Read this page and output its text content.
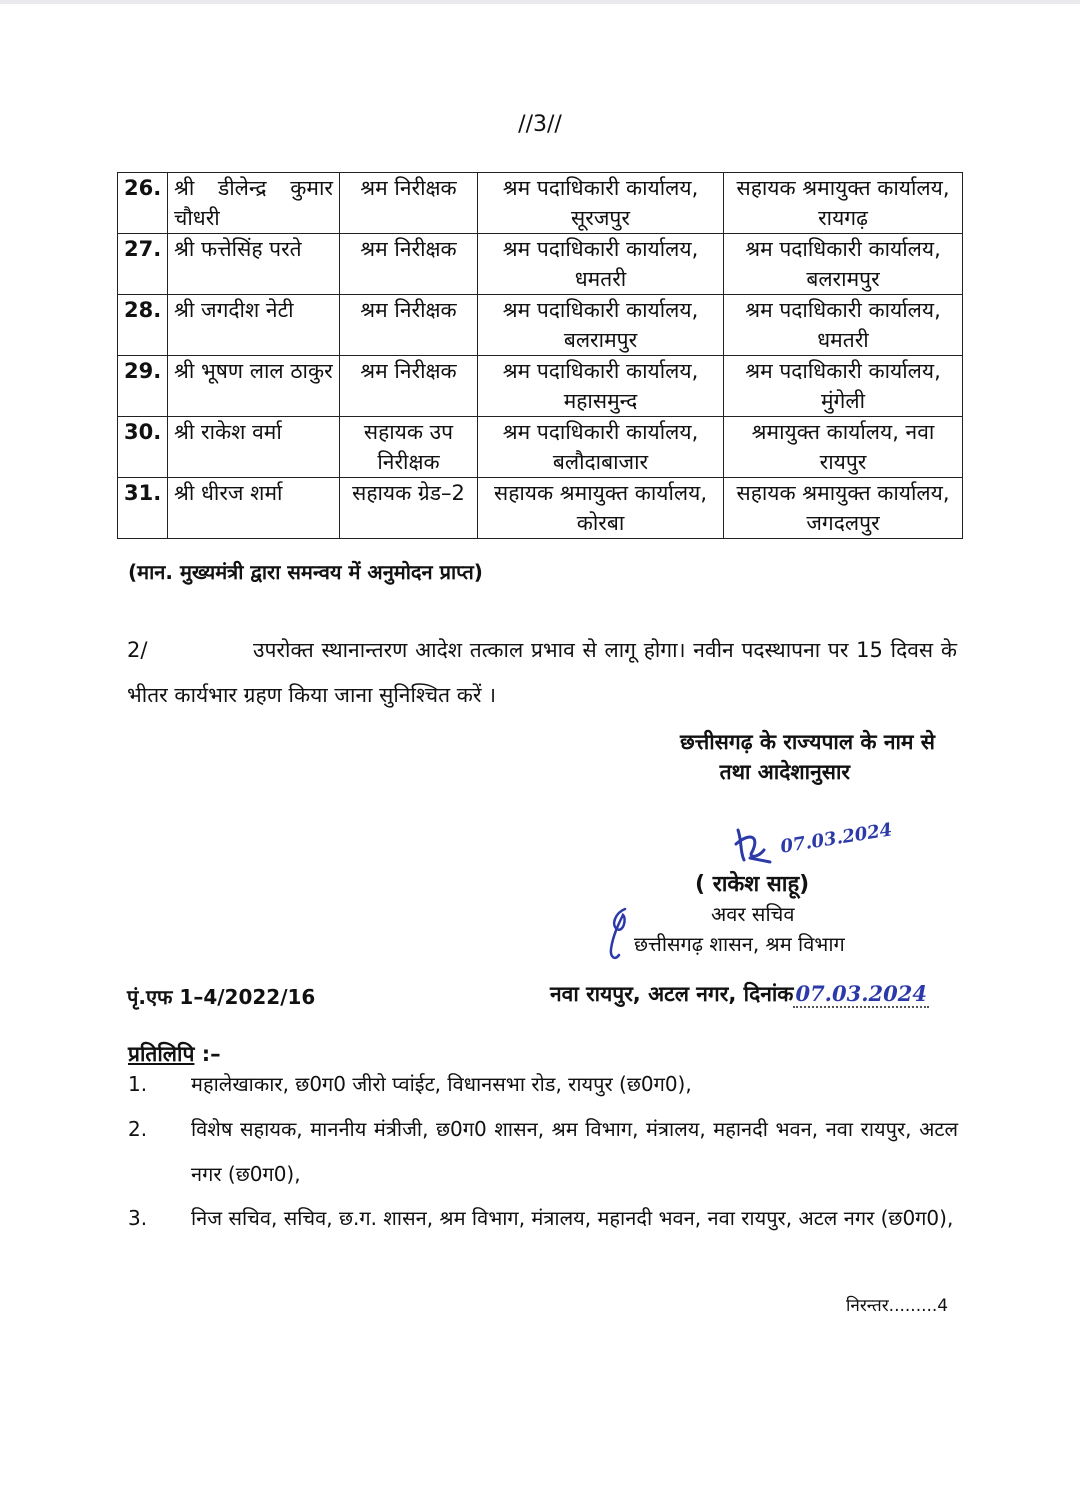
//3//
26.	श्री डीलेन्द्र कुमार चौधरी	श्रम निरीक्षक	श्रम पदाधिकारी कार्यालय, सूरजपुर	सहायक श्रमायुक्त कार्यालय, रायगढ़
27.	श्री फत्तेसिंह परते	श्रम निरीक्षक	श्रम पदाधिकारी कार्यालय, धमतरी	श्रम पदाधिकारी कार्यालय, बलरामपुर
28.	श्री जगदीश नेटी	श्रम निरीक्षक	श्रम पदाधिकारी कार्यालय, बलरामपुर	श्रम पदाधिकारी कार्यालय, धमतरी
29.	श्री भूषण लाल ठाकुर	श्रम निरीक्षक	श्रम पदाधिकारी कार्यालय, महासमुन्द	श्रम पदाधिकारी कार्यालय, मुंगेली
30.	श्री राकेश वर्मा	सहायक उप निरीक्षक	श्रम पदाधिकारी कार्यालय, बलौदाबाजार	श्रमायुक्त कार्यालय, नवा रायपुर
31.	श्री धीरज शर्मा	सहायक ग्रेड–2	सहायक श्रमायुक्त कार्यालय, कोरबा	सहायक श्रमायुक्त कार्यालय, जगदलपुर
(मान. मुख्यमंत्री द्वारा समन्वय में अनुमोदन प्राप्त)
2/	उपरोक्त स्थानान्तरण आदेश तत्काल प्रभाव से लागू होगा। नवीन पदस्थापना पर 15 दिवस के भीतर कार्यभार ग्रहण किया जाना सुनिश्चित करें ।
छत्तीसगढ़ के राज्यपाल के नाम से
तथा आदेशानुसार
07.03.2024
( राकेश साहू)
अवर सचिव
छत्तीसगढ़ शासन, श्रम विभाग
पृं.एफ 1–4/2022/16	नवा रायपुर, अटल नगर, दिनांक07.03.2024
प्रतिलिपि :–
1. महालेखाकार, छ0ग0 जीरो प्वांईट, विधानसभा रोड, रायपुर (छ0ग0),
2. विशेष सहायक, माननीय मंत्रीजी, छ0ग0 शासन, श्रम विभाग, मंत्रालय, महानदी भवन, नवा रायपुर, अटल नगर (छ0ग0),
3. निज सचिव, सचिव, छ.ग. शासन, श्रम विभाग, मंत्रालय, महानदी भवन, नवा रायपुर, अटल नगर (छ0ग0),
निरन्तर.........4
